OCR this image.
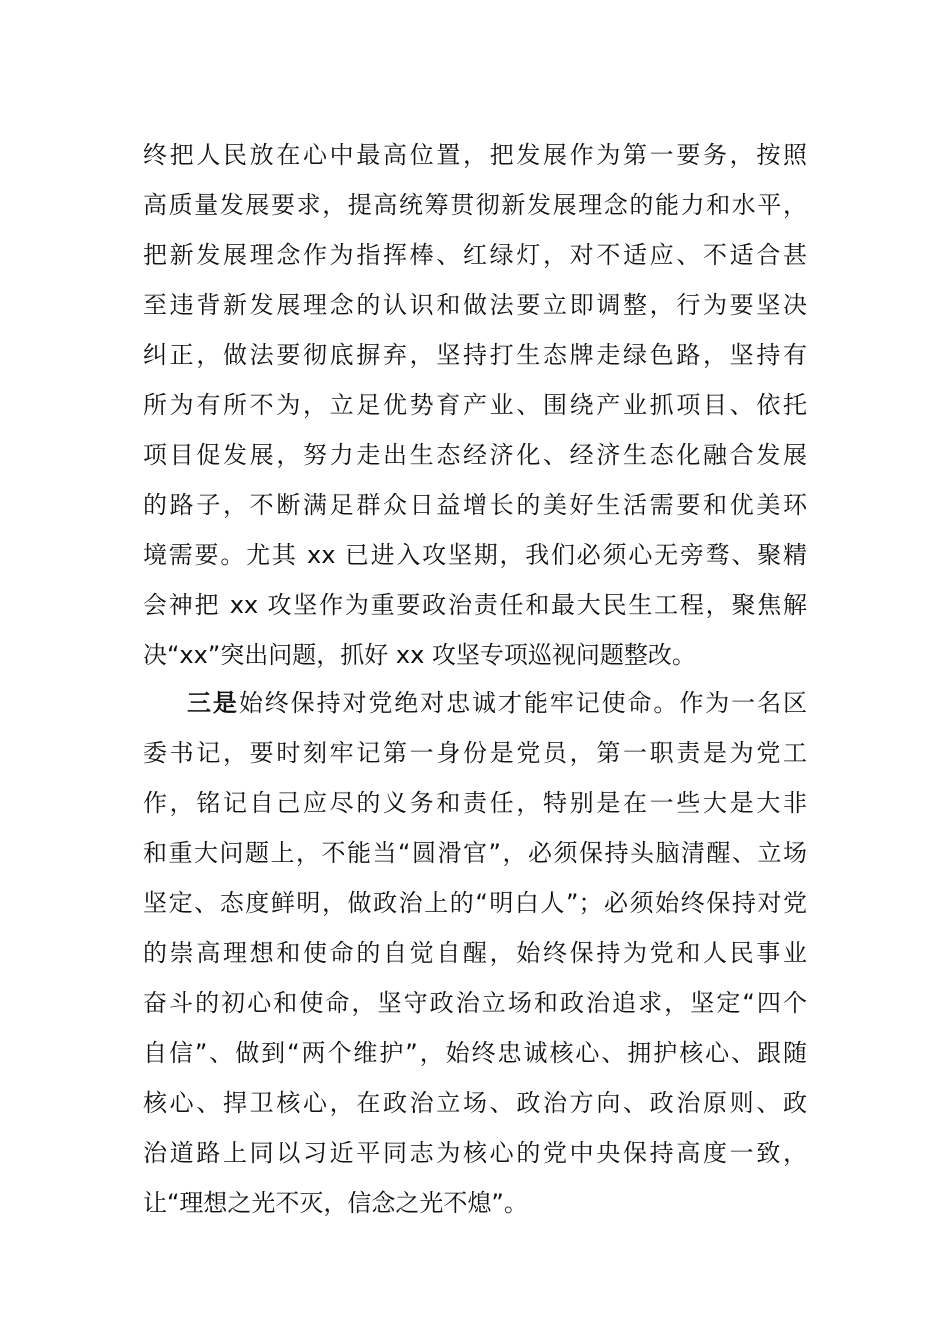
终把人民放在心中最高位置，把发展作为第一要务，按照
高质量发展要求，提高统筹贯彻新发展理念的能力和水平，
把新发展理念作为指挥棒、红绿灯，对不适应、不适合甚
至违背新发展理念的认识和做法要立即调整，行为要坚决
纠正，做法要彻底摒弃，坚持打生态牌走绿色路，坚持有
所为有所不为，立足优势育产业、围绕产业抓项目、依托
项目促发展，努力走出生态经济化、经济生态化融合发展
的路子，不断满足群众日益增长的美好生活需要和优美环
境需要。尤其 xx 已进入攻坚期，我们必须心无旁骛、聚精
会神把 xx 攻坚作为重要政治责任和最大民生工程，聚焦解
决“xx”突出问题，抓好 xx 攻坚专项巡视问题整改。
三是始终保持对党绝对忠诚才能牢记使命。作为一名区
委书记，要时刻牢记第一身份是党员，第一职责是为党工
作，铭记自己应尽的义务和责任，特别是在一些大是大非
和重大问题上，不能当“圆滑官”，必须保持头脑清醒、立场
坚定、态度鲜明，做政治上的“明白人”；必须始终保持对党
的崇高理想和使命的自觉自醒，始终保持为党和人民事业
奋斗的初心和使命，坚守政治立场和政治追求，坚定“四个
自信”、做到“两个维护”，始终忠诚核心、拥护核心、跟随
核心、捍卫核心，在政治立场、政治方向、政治原则、政
治道路上同以习近平同志为核心的党中央保持高度一致，
让“理想之光不灭，信念之光不熄”。
